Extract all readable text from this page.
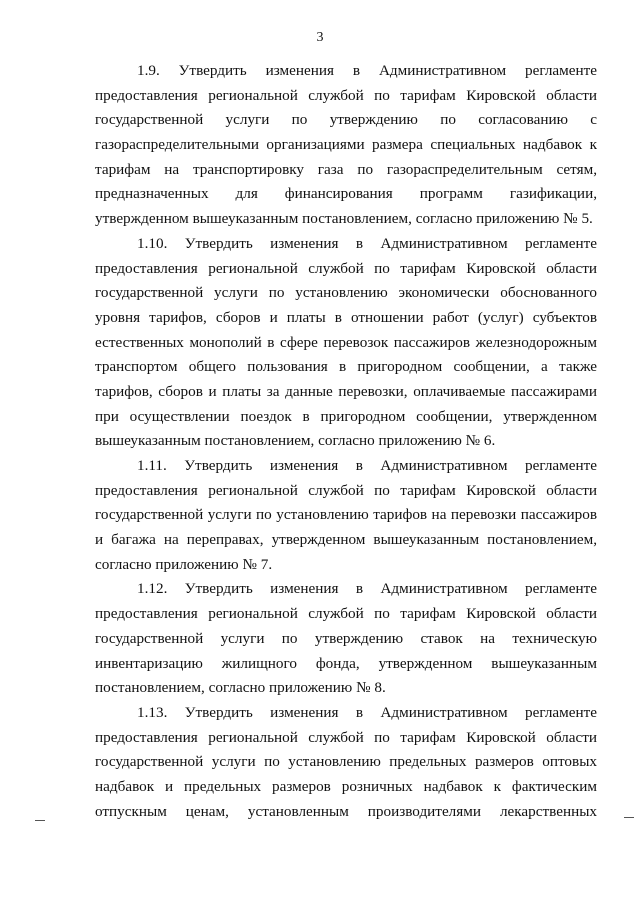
3

1.9. Утвердить изменения в Административном регламенте
предоставления региональной службой по тарифам Кировской области
государственной услуги по утверждению по согласованию с
газораспределительными организациями размера специальных надбавок к
тарифам на транспортировку газа по газораспределительным сетям,
предназначенных для финансирования программ газификации,
утвержденном вышеуказанным постановлением, согласно приложению № 5.

1.10. Утвердить изменения в Административном регламенте
предоставления региональной службой по тарифам Кировской области
государственной услуги по установлению экономически обоснованного
уровня тарифов, сборов и платы в отношении работ (услуг) субъектов
естественных монополий в сфере перевозок пассажиров железнодорожным
транспортом общего пользования в пригородном сообщении, а также
тарифов, сборов и платы за данные перевозки, оплачиваемые пассажирами
при осуществлении поездок в пригородном сообщении, утвержденном
вышеуказанным постановлением, согласно приложению № 6.

1.11. Утвердить изменения в Административном регламенте
предоставления региональной службой по тарифам Кировской области
государственной услуги по установлению тарифов на перевозки пассажиров
и багажа на переправах, утвержденном вышеуказанным постановлением,
согласно приложению № 7.

1.12. Утвердить изменения в Административном регламенте
предоставления региональной службой по тарифам Кировской области
государственной услуги по утверждению ставок на техническую
инвентаризацию жилищного фонда, утвержденном вышеуказанным
постановлением, согласно приложению № 8.

1.13. Утвердить изменения в Административном регламенте
предоставления региональной службой по тарифам Кировской области
государственной услуги по установлению предельных размеров оптовых
надбавок и предельных размеров розничных надбавок к фактическим
отпускным ценам, установленным производителями лекарственных
